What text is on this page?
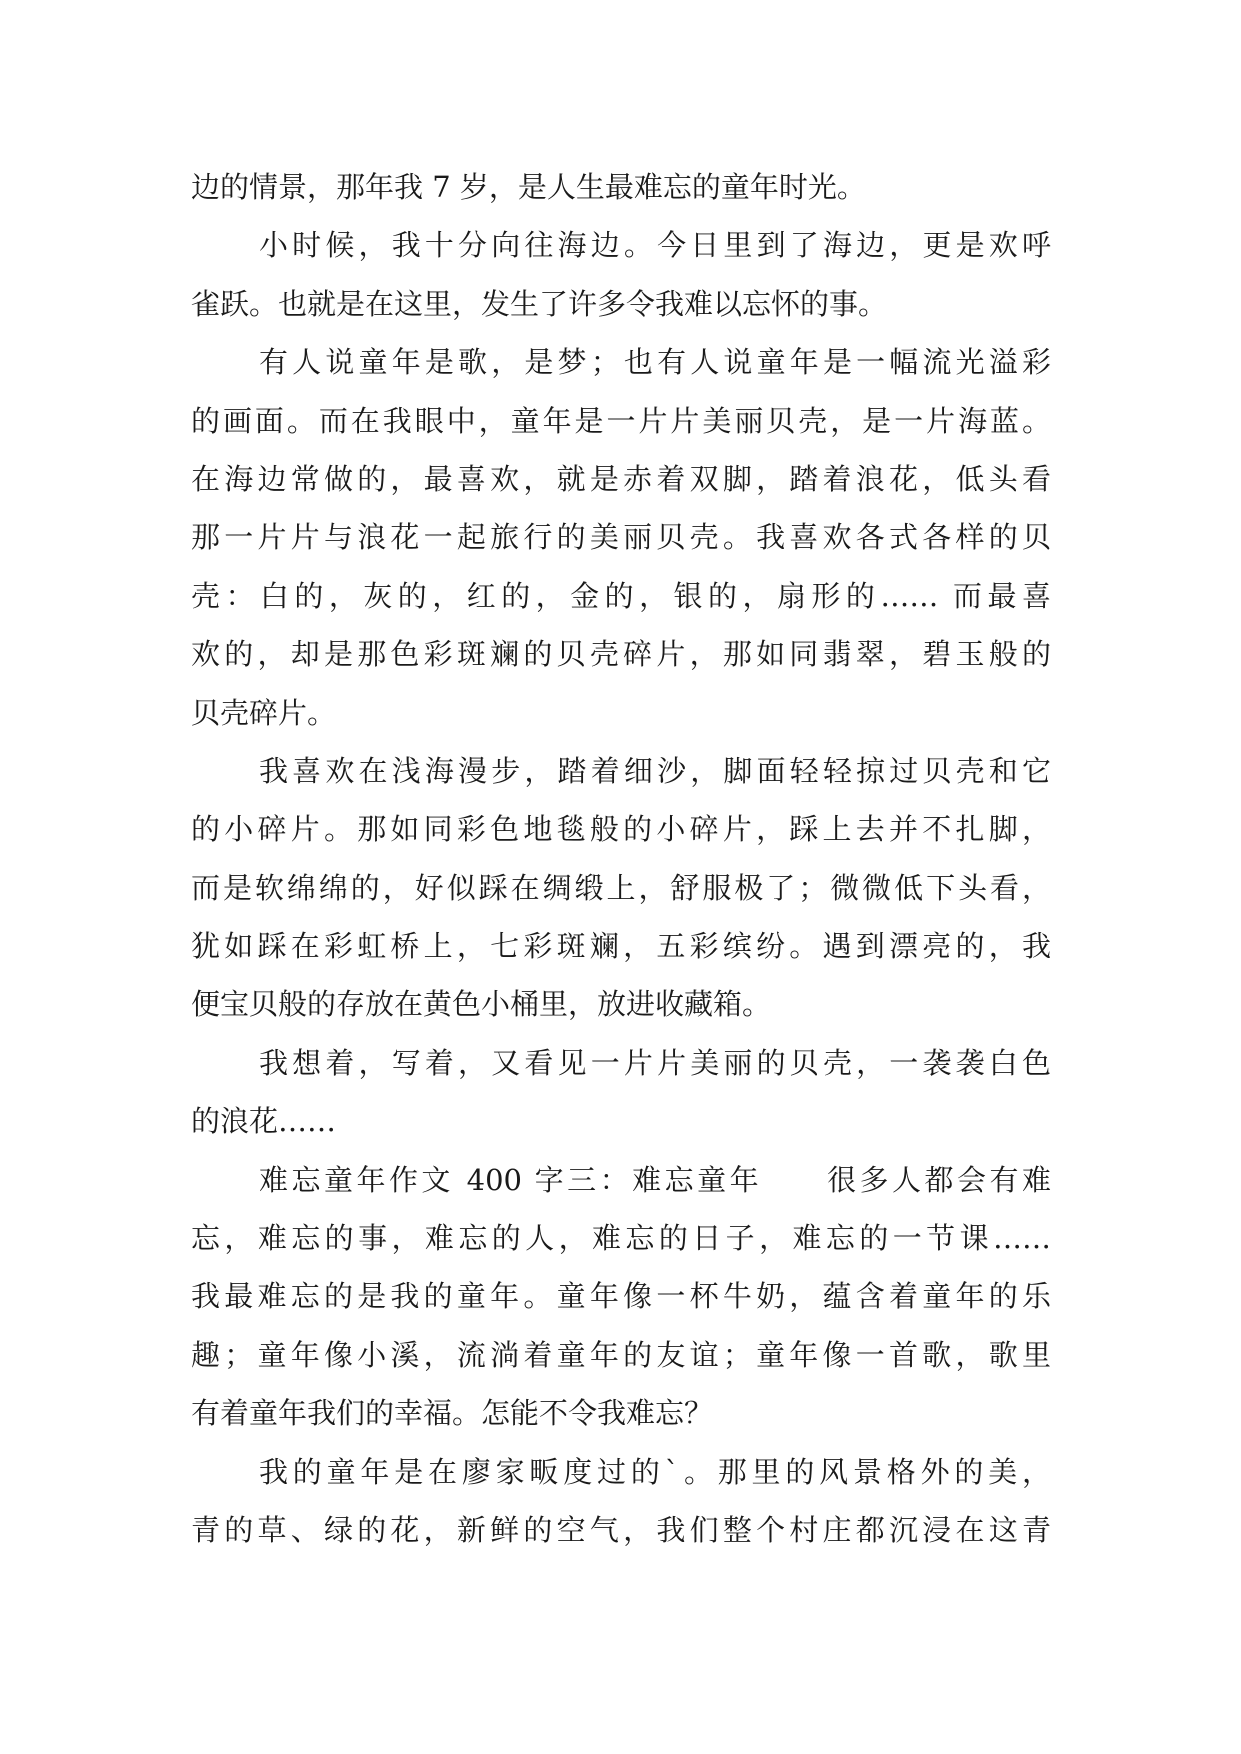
边的情景，那年我 7 岁，是人生最难忘的童年时光。
小时候，我十分向往海边。今日里到了海边，更是欢呼
雀跃。也就是在这里，发生了许多令我难以忘怀的事。
有人说童年是歌，是梦；也有人说童年是一幅流光溢彩
的画面。而在我眼中，童年是一片片美丽贝壳，是一片海蓝。
在海边常做的，最喜欢，就是赤着双脚，踏着浪花，低头看
那一片片与浪花一起旅行的美丽贝壳。我喜欢各式各样的贝
壳：白的，灰的，红的，金的，银的，扇形的…… 而最喜
欢的，却是那色彩斑斓的贝壳碎片，那如同翡翠，碧玉般的
贝壳碎片。
我喜欢在浅海漫步，踏着细沙，脚面轻轻掠过贝壳和它
的小碎片。那如同彩色地毯般的小碎片，踩上去并不扎脚，
而是软绵绵的，好似踩在绸缎上，舒服极了；微微低下头看，
犹如踩在彩虹桥上，七彩斑斓，五彩缤纷。遇到漂亮的，我
便宝贝般的存放在黄色小桶里，放进收藏箱。
我想着，写着，又看见一片片美丽的贝壳，一袭袭白色
的浪花……
难忘童年作文 400 字三：难忘童年　　很多人都会有难
忘，难忘的事，难忘的人，难忘的日子，难忘的一节课……
我最难忘的是我的童年。童年像一杯牛奶，蕴含着童年的乐
趣；童年像小溪，流淌着童年的友谊；童年像一首歌，歌里
有着童年我们的幸福。怎能不令我难忘？
我的童年是在廖家畈度过的`。那里的风景格外的美，
青的草、绿的花，新鲜的空气，我们整个村庄都沉浸在这青
